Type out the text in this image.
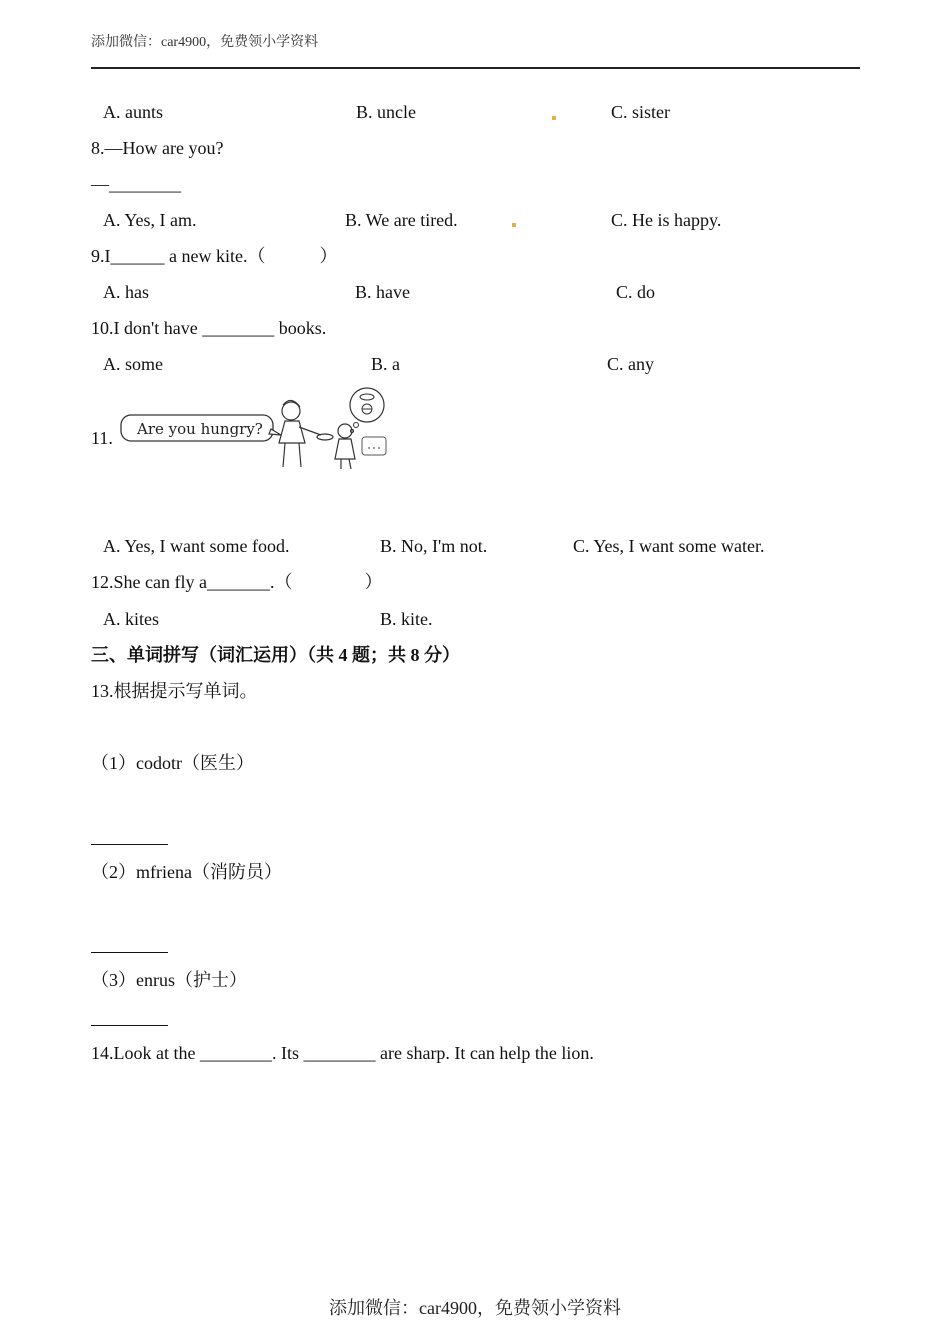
添加微信：car4900，免费领小学资料
A. aunts	B. uncle	C. sister
8.—How are you?
—________
A. Yes, I am.	B. We are tired.	C. He is happy.
9.I______ a new kite.（　　　）
A. has	B. have	C. do
10.I don't have ________ books.
A. some	B. a	C. any
11. Are you hungry?
A. Yes, I want some food.	B. No, I'm not.	C. Yes, I want some water.
12.She can fly a_______.（　　　　）
A. kites	B. kite.
三、单词拼写（词汇运用）（共 4 题；共 8 分）
13.根据提示写单词。
（1）codotr（医生）
（2）mfriena（消防员）
（3）enrus（护士）
14.Look at the ________. Its ________ are sharp. It can help the lion.
添加微信：car4900，免费领小学资料
